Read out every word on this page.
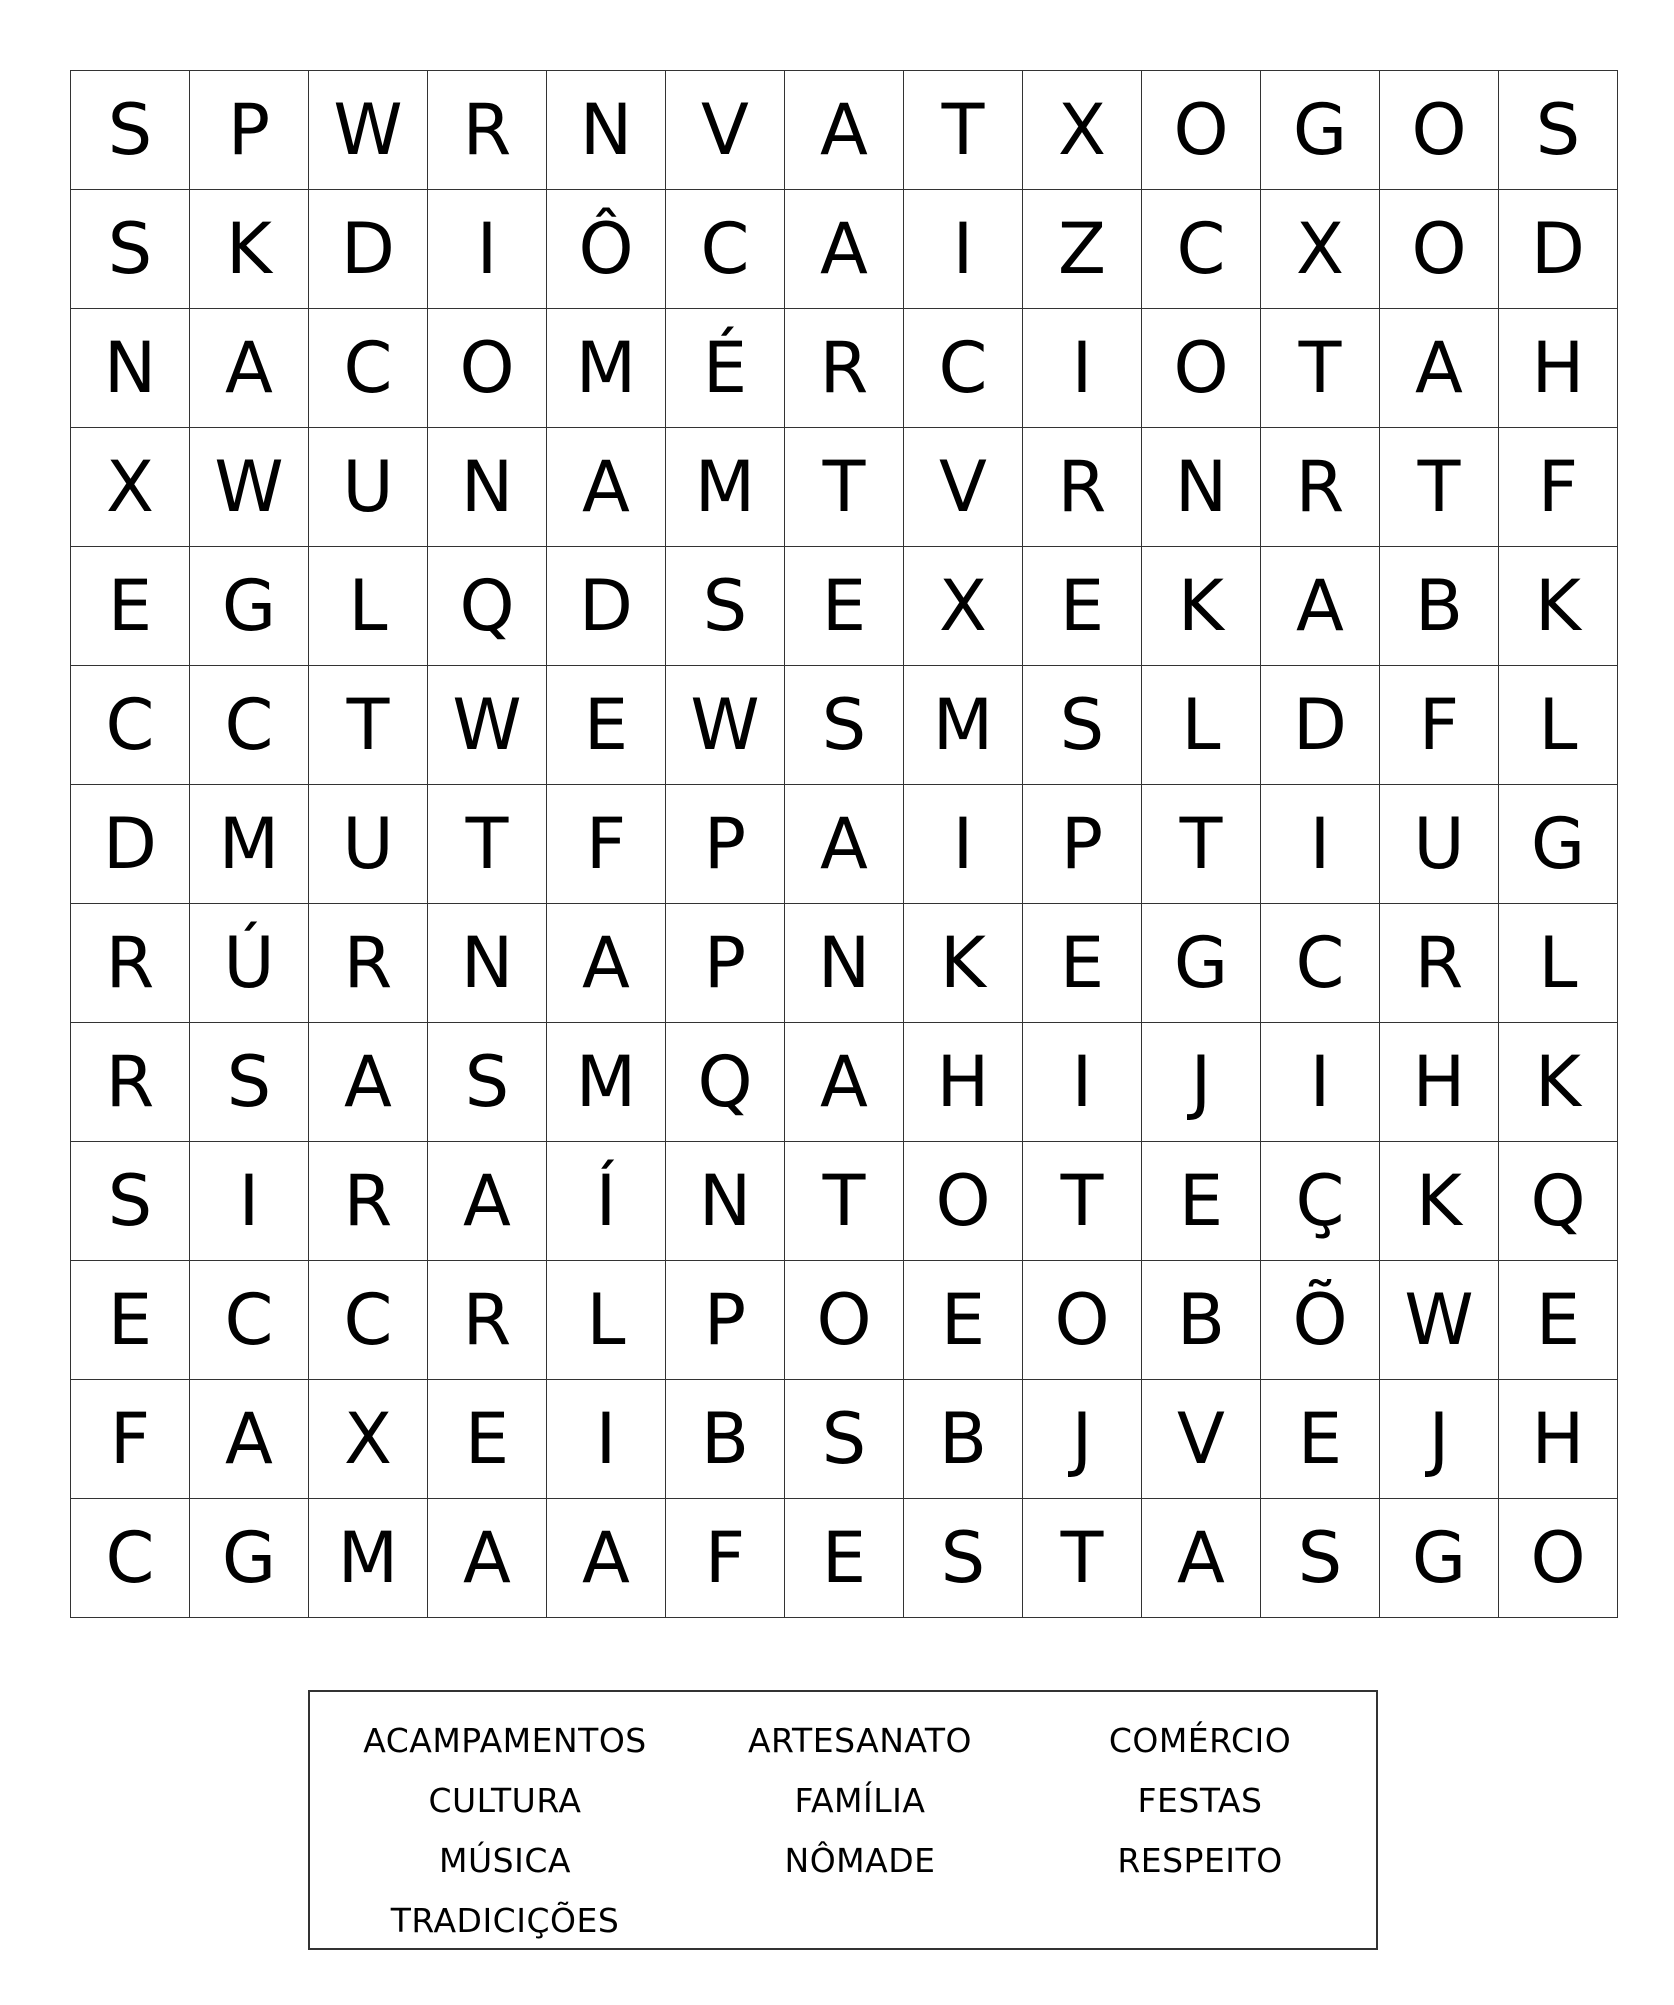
S	P	W	R	N	V	A	T	X	O	G	O	S
S	K	D	I	Ô	C	A	I	Z	C	X	O	D
N	A	C	O	M	É	R	C	I	O	T	A	H
X	W	U	N	A	M	T	V	R	N	R	T	F
E	G	L	Q	D	S	E	X	E	K	A	B	K
C	C	T	W	E	W	S	M	S	L	D	F	L
D	M	U	T	F	P	A	I	P	T	I	U	G
R	Ú	R	N	A	P	N	K	E	G	C	R	L
R	S	A	S	M	Q	A	H	I	J	I	H	K
S	I	R	A	Í	N	T	O	T	E	Ç	K	Q
E	C	C	R	L	P	O	E	O	B	Õ	W	E
F	A	X	E	I	B	S	B	J	V	E	J	H
C	G	M	A	A	F	E	S	T	A	S	G	O
ACAMPAMENTOS	ARTESANATO	COMÉRCIO
CULTURA	FAMÍLIA	FESTAS
MÚSICA	NÔMADE	RESPEITO
TRADICIÇÕES
